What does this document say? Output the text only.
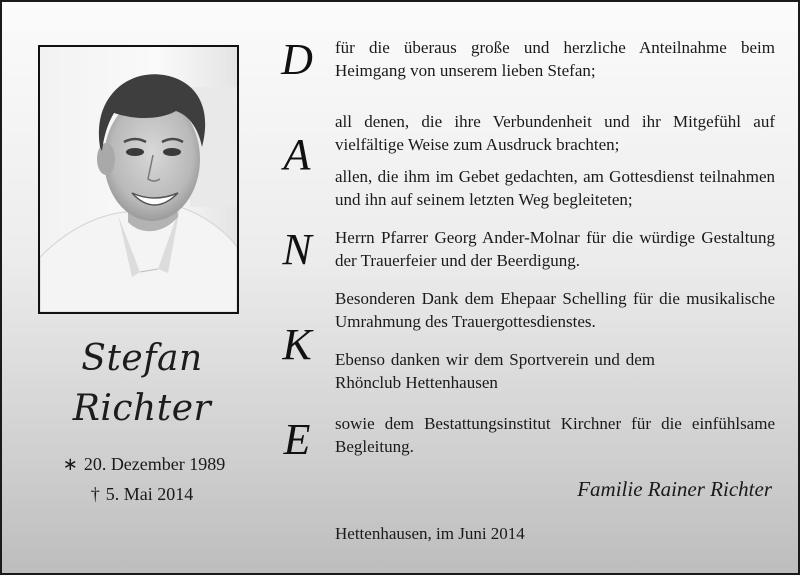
Stefan
Richter
∗ 20. Dezember 1989
† 5. Mai 2014
D
A
N
K
E
für die überaus große und herzliche Anteilnahme beim Heimgang von unserem lieben Stefan;
all denen, die ihre Verbundenheit und ihr Mitgefühl auf vielfältige Weise zum Ausdruck brachten;
allen, die ihm im Gebet gedachten, am Gottesdienst teilnahmen und ihn auf seinem letzten Weg begleiteten;
Herrn Pfarrer Georg Ander-Molnar für die würdige Gestaltung der Trauerfeier und der Beerdigung.
Besonderen Dank dem Ehepaar Schelling für die musikalische Umrahmung des Trauergottesdienstes.
Ebenso danken wir dem Sportverein und dem Rhönclub Hettenhausen
sowie dem Bestattungsinstitut Kirchner für die einfühlsame Begleitung.
Familie Rainer Richter
Hettenhausen, im Juni 2014
